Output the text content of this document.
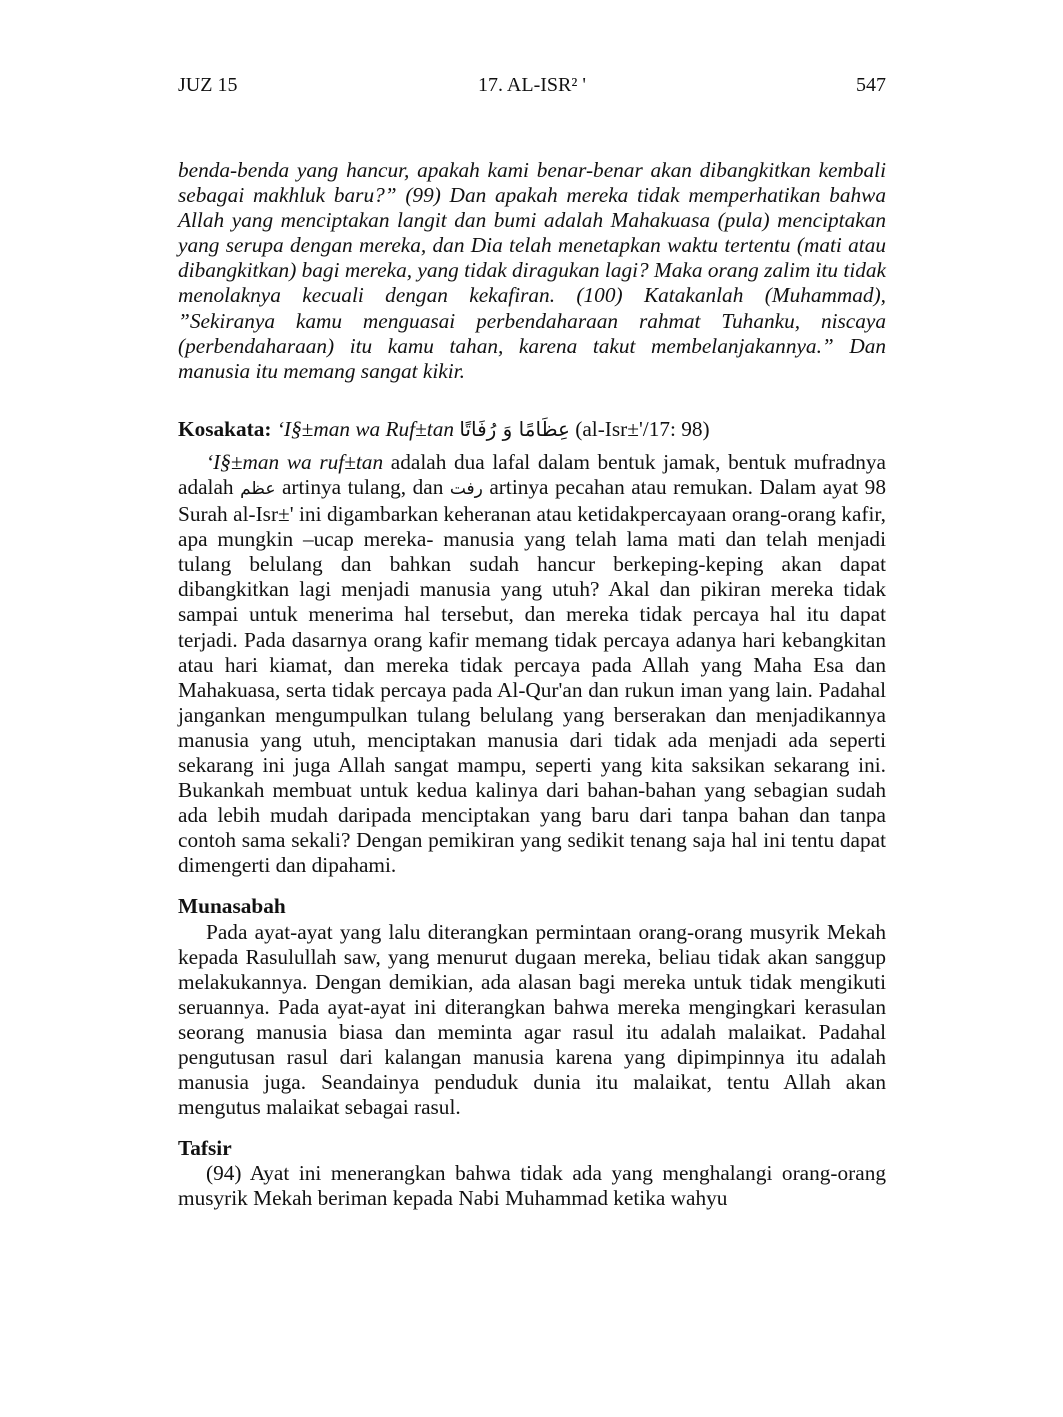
JUZ 15	17. AL-ISR² '	547

benda-benda yang hancur, apakah kami benar-benar akan dibangkitkan kembali sebagai makhluk baru?” (99) Dan apakah mereka tidak memperhatikan bahwa Allah yang menciptakan langit dan bumi adalah Mahakuasa (pula) menciptakan yang serupa dengan mereka, dan Dia telah menetapkan waktu tertentu (mati atau dibangkitkan) bagi mereka, yang tidak diragukan lagi? Maka orang zalim itu tidak menolaknya kecuali dengan kekafiran. (100) Katakanlah (Muhammad), ”Sekiranya kamu menguasai perbendaharaan rahmat Tuhanku, niscaya (perbendaharaan) itu kamu tahan, karena takut membelanjakannya.” Dan manusia itu memang sangat kikir.

Kosakata: ‘I§±man wa Ruf±tan عِظَامًا وَ رُفَاتًا (al-Isr±'/17: 98)

‘I§±man wa ruf±tan adalah dua lafal dalam bentuk jamak, bentuk mufradnya adalah عظم artinya tulang, dan رفت artinya pecahan atau remukan. Dalam ayat 98 Surah al-Isr±' ini digambarkan keheranan atau ketidakpercayaan orang-orang kafir, apa mungkin –ucap mereka- manusia yang telah lama mati dan telah menjadi tulang belulang dan bahkan sudah hancur berkeping-keping akan dapat dibangkitkan lagi menjadi manusia yang utuh? Akal dan pikiran mereka tidak sampai untuk menerima hal tersebut, dan mereka tidak percaya hal itu dapat terjadi. Pada dasarnya orang kafir memang tidak percaya adanya hari kebangkitan atau hari kiamat, dan mereka tidak percaya pada Allah yang Maha Esa dan Mahakuasa, serta tidak percaya pada Al-Qur'an dan rukun iman yang lain. Padahal jangankan mengumpulkan tulang belulang yang berserakan dan menjadikannya manusia yang utuh, menciptakan manusia dari tidak ada menjadi ada seperti sekarang ini juga Allah sangat mampu, seperti yang kita saksikan sekarang ini. Bukankah membuat untuk kedua kalinya dari bahan-bahan yang sebagian sudah ada lebih mudah daripada menciptakan yang baru dari tanpa bahan dan tanpa contoh sama sekali? Dengan pemikiran yang sedikit tenang saja hal ini tentu dapat dimengerti dan dipahami.

Munasabah

Pada ayat-ayat yang lalu diterangkan permintaan orang-orang musyrik Mekah kepada Rasulullah saw, yang menurut dugaan mereka, beliau tidak akan sanggup melakukannya. Dengan demikian, ada alasan bagi mereka untuk tidak mengikuti seruannya. Pada ayat-ayat ini diterangkan bahwa mereka mengingkari kerasulan seorang manusia biasa dan meminta agar rasul itu adalah malaikat. Padahal pengutusan rasul dari kalangan manusia karena yang dipimpinnya itu adalah manusia juga. Seandainya penduduk dunia itu malaikat, tentu Allah akan mengutus malaikat sebagai rasul.

Tafsir

(94) Ayat ini menerangkan bahwa tidak ada yang menghalangi orang-orang musyrik Mekah beriman kepada Nabi Muhammad ketika wahyu
